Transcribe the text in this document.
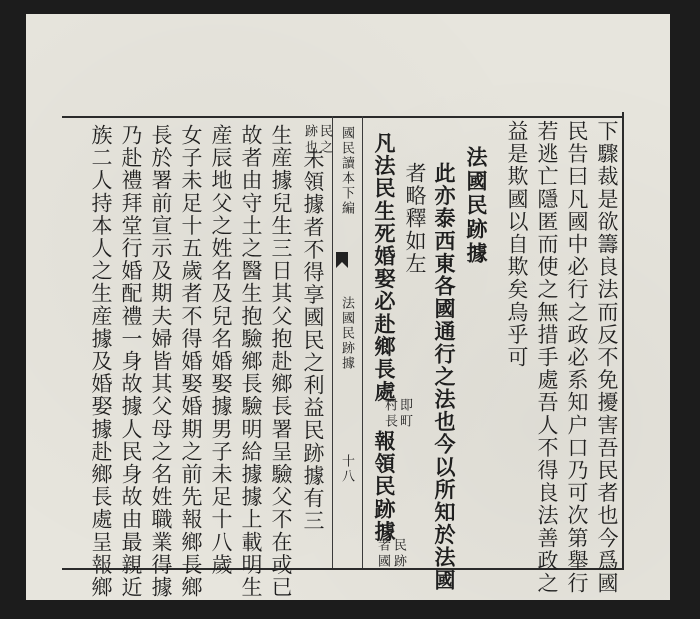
下驟裁是欲籌良法而反不免擾害吾民者也今爲國
民告曰凡國中必行之政必系知户口乃可次第舉行
若逃亡隱匿而使之無措手處吾人不得良法善政之
益是欺國以自欺矣烏乎可
法國民跡據
此亦泰西東各國通行之法也今以所知於法國
者略釋如左
凡法民生死婚娶必赴鄉長處
即町
村長
報領民跡據
民跡
者國
國民讀本下編
法國民跡據
十八
未領據者不得享國民之利益民跡據有三
民之
跡也
生産據兒生三日其父抱赴鄉長署呈驗父不在或已
故者由守土之醫生抱驗鄉長驗明給據據上載明生
産辰地父之姓名及兒名
婚娶據男子未足十八歲
女子未足十五歲者不得婚娶婚期之前先報鄉長鄉
長於署前宣示及期夫婦皆其父母之名姓職業得據
乃赴禮拜堂行婚配禮一身故據人民身故由最親近
族二人持本人之生産據及婚娶據赴鄉長處呈報鄉
